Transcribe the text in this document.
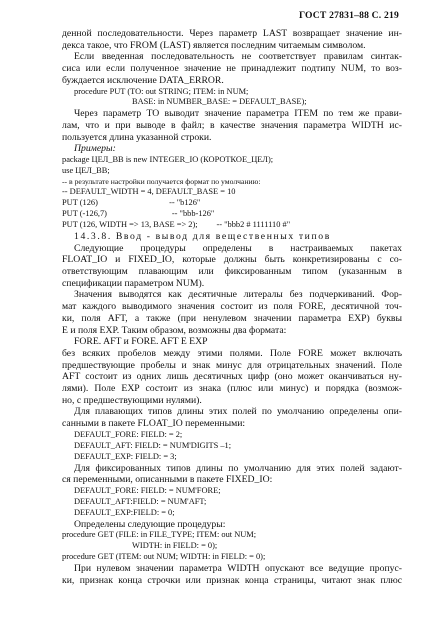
ГОСТ 27831–88 С. 219
денной последовательности. Через параметр LAST возвращает значение ин-
декса такое, что FROM (LAST) является последним читаемым символом.
Если введенная последовательность не соответствует правилам синтак-
сиса или если полученное значение не принадлежит подтипу NUM, то воз-
буждается исключение DATA_ERROR.
procedure PUT (TO: out STRING; ITEM: in NUM;
BASE: in NUMBER_BASE: = DEFAULT_BASE);
Через параметр TO выводит значение параметра ITEM по тем же прави-
лам, что и при выводе в файл; в качестве значения параметра WIDTH ис-
пользуется длина указанной строки.
Примеры:
package ЦЕЛ_ВВ is new INTEGER_IO (КОРОТКОЕ_ЦЕЛ);
use ЦЕЛ_ВВ;
-- в результате настройки получается формат по умолчанию:
-- DEFAULT_WIDTH = 4, DEFAULT_BASE = 10
PUT (126)                                  -- "b126"
PUT (-126,7)                               -- "bbb-126"
PUT (126, WIDTH => 13, BASE => 2);         -- "bbb2 # 1111110 #"
14.3.8. Ввод - вывод для вещественных типов
Следующие процедуры определены в настраиваемых пакетах
FLOAT_IO и FIXED_IO, которые должны быть конкретизированы с со-
ответствующим плавающим или фиксированным типом (указанным в
спецификации параметром NUM).
Значения выводятся как десятичные литералы без подчеркиваний. Фор-
мат каждого выводимого значения состоит из поля FORE, десятичной точ-
ки, поля AFT, а также (при ненулевом значении параметра EXP) буквы
Е и поля EXP. Таким образом, возможны два формата:
FORE. AFT и FORE. AFT E EXP
без всяких пробелов между этими полями. Поле FORE может включать
предшествующие пробелы и знак минус для отрицательных значений. Поле
AFT состоит из одних лишь десятичных цифр (оно может оканчиваться ну-
лями). Поле EXP состоит из знака (плюс или минус) и порядка (возмож-
но, с предшествующими нулями).
Для плавающих типов длины этих полей по умолчанию определены опи-
санными в пакете FLOAT_IO переменными:
DEFAULT_FORE: FIELD: = 2;
DEFAULT_AFT: FIELD: = NUM'DIGITS –1;
DEFAULT_EXP: FIELD: = 3;
Для фиксированных типов длины по умолчанию для этих полей задают-
ся переменными, описанными в пакете FIXED_IO:
DEFAULT_FORE: FIELD: = NUM'FORE;
DEFAULT_AFT:FIELD: = NUM'AFT;
DEFAULT_EXP:FIELD: = 0;
Определены следующие процедуры:
procedure GET (FILE: in FILE_TYPE; ITEM: out NUM;
WIDTH: in FIELD: = 0);
procedure GET (ITEM: out NUM; WIDTH: in FIELD: = 0);
При нулевом значении параметра WIDTH опускают все ведущие пропус-
ки, признак конца строчки или признак конца страницы, читают знак плюс
